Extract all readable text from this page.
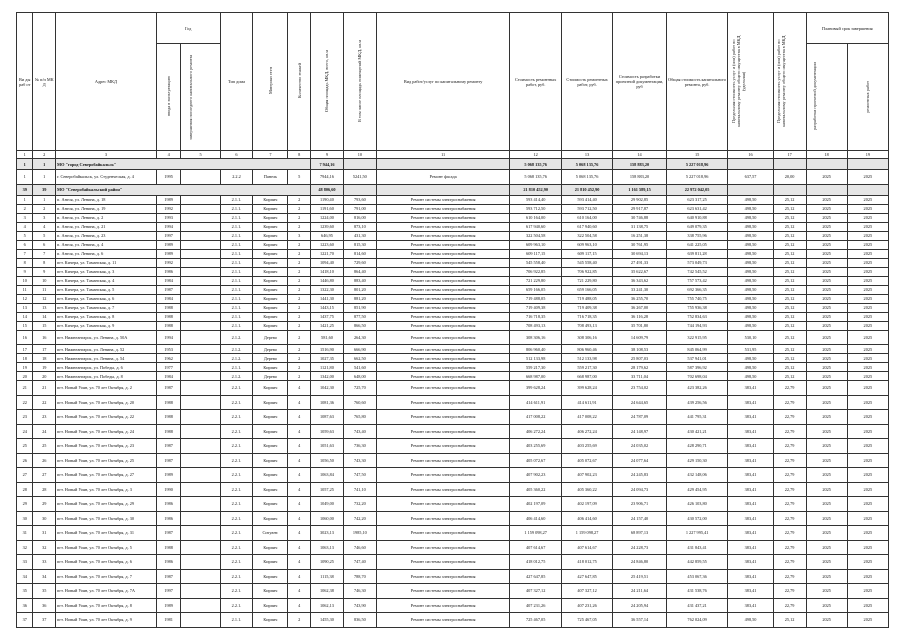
Ви ды раб от	№ п/п МК Д	Адрес МКД	Год		Тип дома	Материал стен	Количество этажей	Общая площадь МКД, всего, кв.м	В том числе площадь помещений МКД, кв.м	Вид работ/услуг по капитальному ремонту	Стоимость ремонтных работ, руб.	Стоимость ремонтных работ, руб.	Стоимость разработки проектной документации, руб	Общая стоимость капитального ремонта, руб.	Предельная стоимость услуг и (или) работ по капитальному ремонту общего имущества в МКД (удельная)	Предельная стоимость услуг и (или) работ по капитальному ремонту общего имущества в МКД	Плановый срок завершения	
			ввода в эксплуатацию	завершения последнего капитального ремонта													разработки проектной документации	ремонтных работ
1	2	3	4	5	6	7	8	9	10	11	12	13	14	15	16	17	18	19
1	1	МО "город Северобайкальск"						7 944,16			5 068 135,76	5 068 135,76	158 883,20	5 227 018,96				
1	1	г. Северобайкальск, ул. Студенческая, д. 4	1995		2.2.2	Панель	5	7944,16	5241,50	Ремонт фасада	5 068 135,76	5 068 135,76	158 883,20	5 227 018,96	637,57	20,00	2025	2025
39	39	МО "Северобайкальский район"						48 806,60			21 810 452,90	21 810 452,90	1 161 589,15	22 972 042,05				
1	1	п. Ангоя, ул. Ленина, д. 18	1989		2.1.1.	Кирпич	2	1190,40	793,60	Ремонт системы электроснабжения	593 414,40	593 414,40	29 902,85	623 317,25	498,50	25,12	2025	2025
2	2	п. Ангоя, ул. Ленина, д. 19	1992		2.1.1.	Кирпич	2	1191,60	791,00	Ремонт системы электроснабжения	593 712,50	593 712,50	29 917,87	623 631,42	498,50	25,12	2025	2025
3	3	п. Ангоя, ул. Ленина, д. 2	1993		2.1.1.	Кирпич	2	1224,00	816,00	Ремонт системы электроснабжения	610 164,00	610 164,00	30 746,88	640 910,88	498,50	25,12	2025	2025
4	4	п. Ангоя, ул. Ленина, д. 21	1994		2.1.1.	Кирпич	2	1239,60	873,10	Ремонт системы электроснабжения	617 940,60	617 940,60	31 138,75	649 079,35	498,50	25,12	2025	2025
5	5	п. Ангоя, ул. Ленина, д. 23	1997		2.1.1.	Кирпич	3	646,95	431,30	Ремонт системы электроснабжения	322 504,58	322 504,58	16 251,38	338 755,96	498,50	25,12	2025	2025
6	6	п. Ангоя, ул. Ленина, д. 4	1989		2.1.1.	Кирпич	2	1223,60	815,30	Ремонт системы электроснабжения	609 963,10	609 963,10	30 761,95	641 225,05	498,50	25,12	2025	2025
7	7	п. Ангоя, ул. Ленина, д. 6	1989		2.1.1.	Кирпич	2	1221,70	814,60	Ремонт системы электроснабжения	609 117,15	609 117,15	30 694,13	639 811,28	498,50	25,12	2025	2025
8	8	пгт. Кичера, ул. Таманская, д. 11	1992		2.1.1.	Кирпич	2	1094,40	729,60	Ремонт системы электроснабжения	545 558,40	545 558,40	27 491,33	573 049,73	498,50	25,12	2025	2025
9	9	пгт. Кичера, ул. Таманская, д. 3	1986		2.1.1.	Кирпич	2	1418,10	864,40	Ремонт системы электроснабжения	706 922,85	706 922,85	35 622,67	742 545,52	498,50	25,12	2025	2025
10	10	пгт. Кичера, ул. Таманская, д. 4	1984		2.1.1.	Кирпич	2	1446,80	883,40	Ремонт системы электроснабжения	721 229,80	721 229,80	36 343,62	757 573,42	498,50	25,12	2025	2025
11	11	пгт. Кичера, ул. Таманская, д. 5	1987		2.1.1.	Кирпич	2	1322,30	801,20	Ремонт системы электроснабжения	659 166,05	659 166,05	33 241,30	692 366,35	498,50	25,12	2025	2025
12	12	пгт. Кичера, ул. Таманская, д. 6	1984		2.1.1.	Кирпич	2	1441,30	881,20	Ремонт системы электроснабжения	719 488,05	719 488,05	36 255,70	755 740,75	498,50	25,12	2025	2025
13	13	пгт. Кичера, ул. Таманская, д. 7	1988		2.1.1.	Кирпич	2	1443,15	851,90	Ремонт системы электроснабжения	719 409,38	719 409,38	36 267,00	755 936,38	498,50	25,12	2025	2025
14	14	пгт. Кичера, ул. Таманская, д. 8	1988		2.1.1.	Кирпич	2	1437,75	877,50	Ремонт системы электроснабжения	716 718,35	716 718,35	36 116,28	752 834,63	498,50	25,12	2025	2025
15	15	пгт. Кичера, ул. Таманская, д. 9	1988		2.1.1.	Кирпич	2	1421,25	866,50	Ремонт системы электроснабжения	708 493,13	708 493,13	35 701,80	744 194,93	498,50	25,12	2025	2025
16	16	пгт. Нижнеангарск, ул. Ленина, д. 50А	1994		2.1.2.	Дерево	2	581,60	264,30	Ремонт системы электроснабжения	308 306,16	308 306,16	14 609,79	322 915,95	530,10	25,12	2025	2025
17	17	пгт. Нижнеангарск, ул. Ленина, д. 52	1953		2.1.2.	Дерево	2	1516,90	666,90	Ремонт системы электроснабжения	806 960,40	806 960,46	38 108,53	845 064,99	531,95	25,12	2025	2025
18	18	пгт. Нижнеангарск, ул. Ленина, д. 54	1962		2.1.2.	Дерево	2	1027,35	662,50	Ремонт системы электроснабжения	512 133,98	512 133,98	25 807,03	537 941,01	498,50	25,12	2025	2025
19	19	пгт. Нижнеангарск, ул. Победы, д. 6	1977		2.1.1.	Кирпич	2	1121,80	541,60	Ремонт системы электроснабжения	559 217,30	559 217,30	28 179,62	587 396,92	498,50	25,12	2025	2025
20	20	пгт. Нижнеангарск, ул. Победы, д. 8	1984		2.1.2.	Дерево	2	1342,00	648,00	Ремонт системы электроснабжения	668 987,00	668 987,00	33 711,04	702 698,04	498,50	25,12	2025	2025
21	21	пгт. Новый Уоян, ул. 70 лет Октября, д. 2	1987		2.2.1.	Кирпич	4	1042,30	725,70	Ремонт системы электроснабжения	399 628,24	399 628,24	23 754,02	423 382,26	383,41	22,79	2025	2025
22	22	пгт. Новый Уоян, ул. 70 лет Октября, д. 20	1988		2.2.1.	Кирпич	4	1081,36	760,60	Ремонт системы электроснабжения	414 611,91	414 611,91	24 644,65	439 256,56	383,41	22,79	2025	2025
23	23	пгт. Новый Уоян, ул. 70 лет Октября, д. 22	1988		2.2.1.	Кирпич	4	1087,63	765,80	Ремонт системы электроснабжения	417 008,22	417 008,22	24 787,09	441 795,31	383,41	22,79	2025	2025
24	24	пгт. Новый Уоян, ул. 70 лет Октября, д. 24	1988		2.2.1.	Кирпич	4	1059,63	743,40	Ремонт системы электроснабжения	406 272,24	406 272,24	24 148,97	430 421,21	383,41	22,79	2025	2025
25	25	пгт. Новый Уоян, ул. 70 лет Октября, д. 23	1987		2.2.1.	Кирпич	4	1051,63	736,30	Ремонт системы электроснабжения	403 255,69	403 255,69	24 035,02	428 290,71	383,41	22,79	2025	2025
26	26	пгт. Новый Уоян, ул. 70 лет Октября, д. 25	1987		2.2.1.	Кирпич	4	1056,50	743,30	Ремонт системы электроснабжения	405 072,67	405 072,67	24 077,64	429 150,30	383,41	22,79	2025	2025
27	27	пгт. Новый Уоян, ул. 70 лет Октября, д. 27	1989		2.2.1.	Кирпич	4	1063,84	747,50	Ремонт системы электроснабжения	407 902,23	407 902,23	24 245,83	432 148,06	383,41	22,79	2025	2025
28	28	пгт. Новый Уоян, ул. 70 лет Октября, д. 3	1990		2.2.1.	Кирпич	4	1057,25	741,10	Ремонт системы электроснабжения	405 360,22	405 360,22	24 094,73	429 454,95	383,41	22,79	2025	2025
29	29	пгт. Новый Уоян, ул. 70 лет Октября, д. 29	1986		2.2.1.	Кирпич	4	1049,00	732,20	Ремонт системы электроснабжения	402 197,09	402 197,09	23 906,71	426 103,80	383,41	22,79	2025	2025
30	30	пгт. Новый Уоян, ул. 70 лет Октября, д. 30	1986		2.2.1.	Кирпич	4	1060,00	742,20	Ремонт системы электроснабжения	406 414,60	406 414,60	24 157,40	430 572,00	383,41	22,79	2025	2025
31	31	пгт. Новый Уоян, ул. 70 лет Октября, д. 31	1987		2.2.1.	Ситуант.	4	3023,13	1985,10	Ремонт системы электроснабжения	1 159 098,27	1 159 098,27	68 897,13	1 227 995,41	383,41	22,79	2025	2025
32	32	пгт. Новый Уоян, ул. 70 лет Октября, д. 5	1988		2.2.1.	Кирпич	4	1063,13	746,60	Ремонт системы электроснабжения	407 614,67	407 614,67	24 228,73	431 843,41	383,41	22,79	2025	2025
33	33	пгт. Новый Уоян, ул. 70 лет Октября, д. 6	1986		2.2.1.	Кирпич	4	1090,25	747,40	Ремонт системы электроснабжения	418 012,75	418 012,75	24 846,80	442 859,55	383,41	22,79	2025	2025
34	34	пгт. Новый Уоян, ул. 70 лет Октября, д. 7	1987		2.2.1.	Кирпич	4	1115,38	788,70	Ремонт системы электроснабжения	427 647,85	427 647,85	25 419,51	453 067,36	383,41	22,79	2025	2025
35	35	пгт. Новый Уоян, ул. 70 лет Октября, д. 7А	1997		2.2.1.	Кирпич	4	1062,38	746,30	Ремонт системы электроснабжения	407 327,12	407 327,12	24 211,64	431 538,76	383,41	22,79	2025	2025
36	36	пгт. Новый Уоян, ул. 70 лет Октября, д. 8	1989		2.2.1.	Кирпич	4	1062,13	743,90	Ремонт системы электроснабжения	407 231,26	407 231,26	24 205,94	431 437,21	383,41	22,79	2025	2025
37	37	пгт. Новый Уоян, ул. 70 лет Октября, д. 9	1981		2.1.1.	Кирпич	2	1455,30	836,50	Ремонт системы электроснабжения	725 467,05	725 467,05	36 557,14	762 024,09	498,50	25,12	2025	2025
